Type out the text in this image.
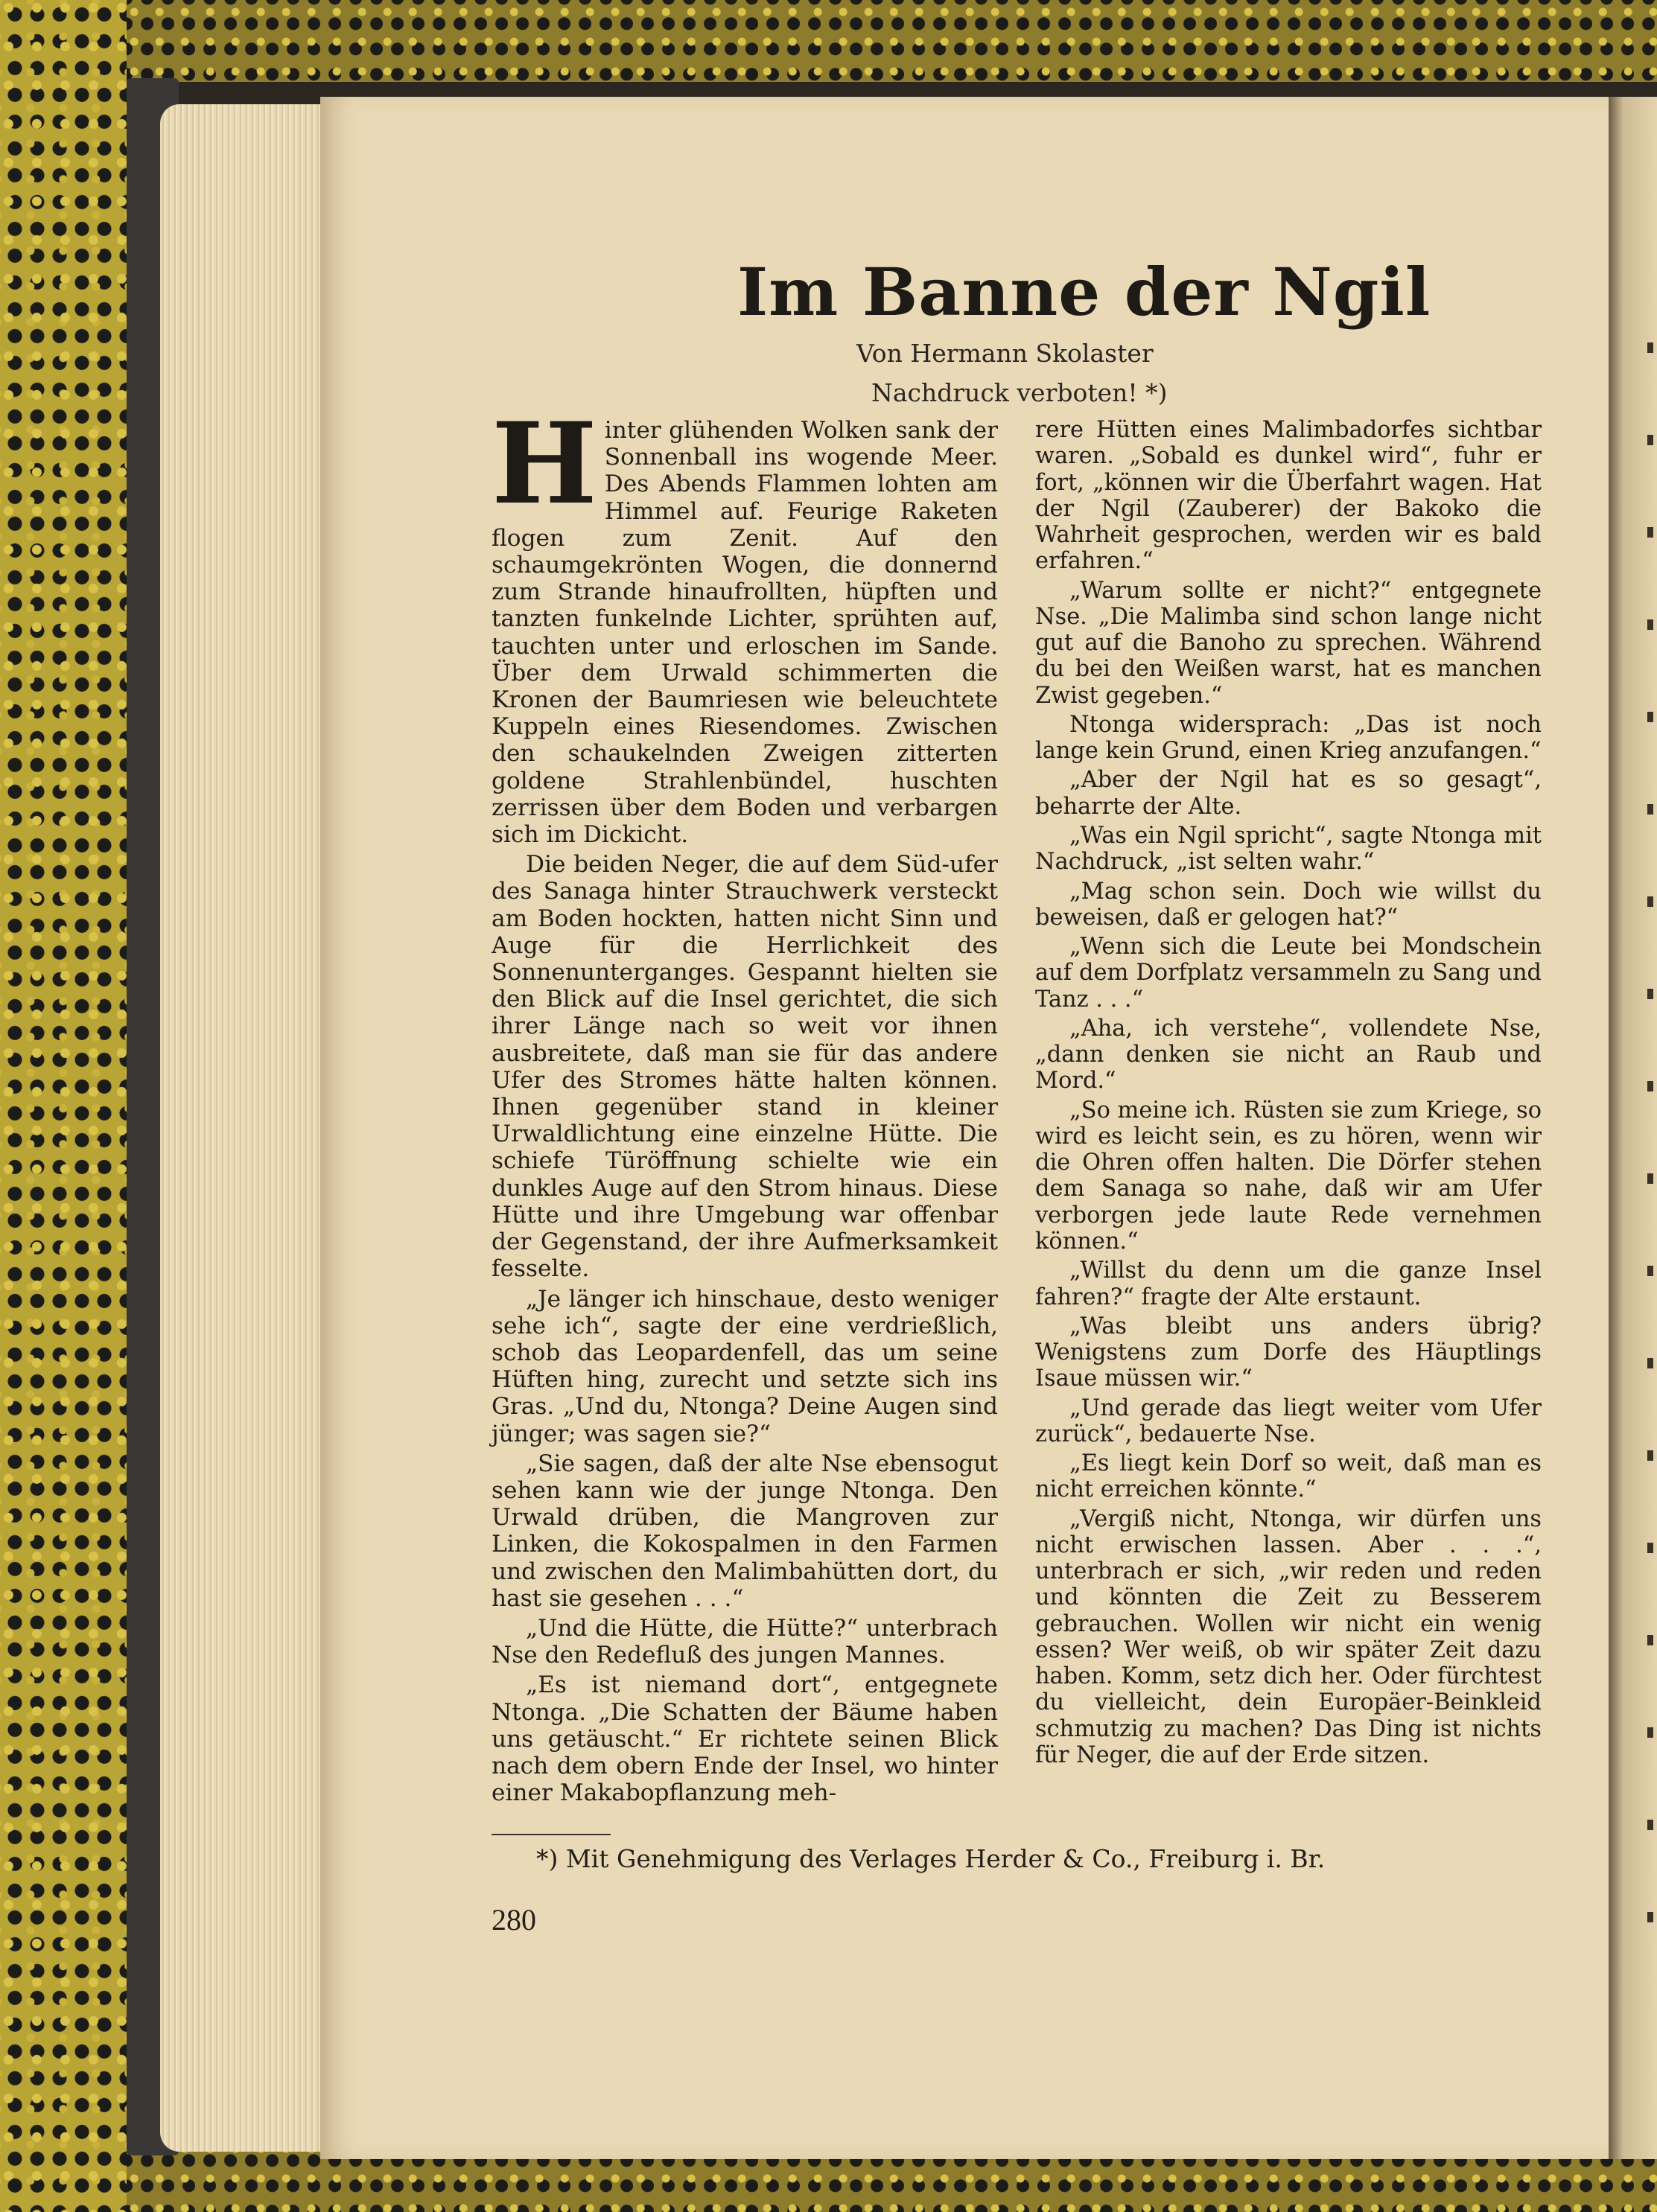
Im Banne der Ngil
Von Hermann Skolaster
Nachdruck verboten! *)

Hinter glühenden Wolken sank der Sonnenball ins wogende Meer. Des Abends Flammen lohten am Himmel auf. Feurige Raketen flogen zum Zenit. Auf den schaumgekrönten Wogen, die donnernd zum Strande hinaufrollten, hüpften und tanzten funkelnde Lichter, sprühten auf, tauchten unter und erloschen im Sande. Über dem Urwald schimmerten die Kronen der Baumriesen wie beleuchtete Kuppeln eines Riesendomes. Zwischen den schaukelnden Zweigen zitterten goldene Strahlenbündel, huschten zerrissen über dem Boden und verbargen sich im Dickicht.

Die beiden Neger, die auf dem Süd-ufer des Sanaga hinter Strauchwerk versteckt am Boden hockten, hatten nicht Sinn und Auge für die Herrlichkeit des Sonnenunterganges. Gespannt hielten sie den Blick auf die Insel gerichtet, die sich ihrer Länge nach so weit vor ihnen ausbreitete, daß man sie für das andere Ufer des Stromes hätte halten können. Ihnen gegenüber stand in kleiner Urwaldlichtung eine einzelne Hütte. Die schiefe Türöffnung schielte wie ein dunkles Auge auf den Strom hinaus. Diese Hütte und ihre Umgebung war offenbar der Gegenstand, der ihre Aufmerksamkeit fesselte.

„Je länger ich hinschaue, desto weniger sehe ich“, sagte der eine verdrießlich, schob das Leopardenfell, das um seine Hüften hing, zurecht und setzte sich ins Gras. „Und du, Ntonga? Deine Augen sind jünger; was sagen sie?“

„Sie sagen, daß der alte Nse ebensogut sehen kann wie der junge Ntonga. Den Urwald drüben, die Mangroven zur Linken, die Kokospalmen in den Farmen und zwischen den Malimbahütten dort, du hast sie gesehen . . .“

„Und die Hütte, die Hütte?“ unterbrach Nse den Redefluß des jungen Mannes.

„Es ist niemand dort“, entgegnete Ntonga. „Die Schatten der Bäume haben uns getäuscht.“ Er richtete seinen Blick nach dem obern Ende der Insel, wo hinter einer Makabopflanzung meh-

rere Hütten eines Malimbadorfes sichtbar waren. „Sobald es dunkel wird“, fuhr er fort, „können wir die Überfahrt wagen. Hat der Ngil (Zauberer) der Bakoko die Wahrheit gesprochen, werden wir es bald erfahren.“

„Warum sollte er nicht?“ entgegnete Nse. „Die Malimba sind schon lange nicht gut auf die Banoho zu sprechen. Während du bei den Weißen warst, hat es manchen Zwist gegeben.“

Ntonga widersprach: „Das ist noch lange kein Grund, einen Krieg anzufangen.“

„Aber der Ngil hat es so gesagt“, beharrte der Alte.

„Was ein Ngil spricht“, sagte Ntonga mit Nachdruck, „ist selten wahr.“

„Mag schon sein. Doch wie willst du beweisen, daß er gelogen hat?“

„Wenn sich die Leute bei Mondschein auf dem Dorfplatz versammeln zu Sang und Tanz . . .“

„Aha, ich verstehe“, vollendete Nse, „dann denken sie nicht an Raub und Mord.“

„So meine ich. Rüsten sie zum Kriege, so wird es leicht sein, es zu hören, wenn wir die Ohren offen halten. Die Dörfer stehen dem Sanaga so nahe, daß wir am Ufer verborgen jede laute Rede vernehmen können.“

„Willst du denn um die ganze Insel fahren?“ fragte der Alte erstaunt.

„Was bleibt uns anders übrig? Wenigstens zum Dorfe des Häuptlings Isaue müssen wir.“

„Und gerade das liegt weiter vom Ufer zurück“, bedauerte Nse.

„Es liegt kein Dorf so weit, daß man es nicht erreichen könnte.“

„Vergiß nicht, Ntonga, wir dürfen uns nicht erwischen lassen. Aber . . .“, unterbrach er sich, „wir reden und reden und könnten die Zeit zu Besserem gebrauchen. Wollen wir nicht ein wenig essen? Wer weiß, ob wir später Zeit dazu haben. Komm, setz dich her. Oder fürchtest du vielleicht, dein Europäer-Beinkleid schmutzig zu machen? Das Ding ist nichts für Neger, die auf der Erde sitzen.

*) Mit Genehmigung des Verlages Herder & Co., Freiburg i. Br.
280
